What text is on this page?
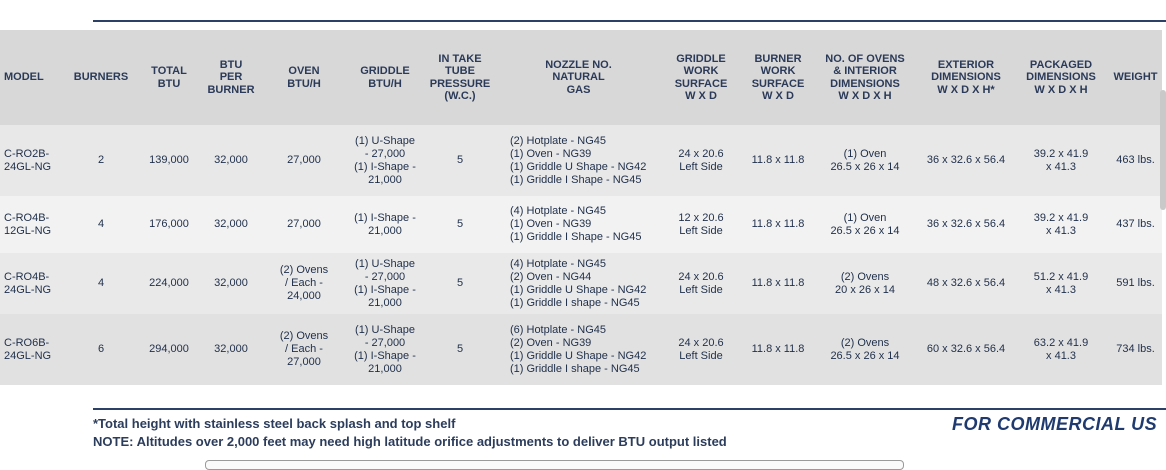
MODEL	BURNERS	TOTAL
BTU	BTU
PER
BURNER	OVEN
BTU/H	GRIDDLE
BTU/H	IN TAKE
TUBE
PRESSURE
(W.C.)	NOZZLE NO.
NATURAL
GAS	GRIDDLE
WORK
SURFACE
W X D	BURNER
WORK
SURFACE
W X D	NO. OF OVENS
& INTERIOR
DIMENSIONS
W X D X H	EXTERIOR
DIMENSIONS
W X D X H*	PACKAGED
DIMENSIONS
W X D X H	WEIGHT
C-RO2B-
24GL-NG	2	139,000	32,000	27,000	(1) U-Shape
- 27,000
(1) I-Shape -
21,000	5	(2) Hotplate - NG45
(1) Oven - NG39
(1) Griddle U Shape - NG42
(1) Griddle I Shape - NG45	24 x 20.6
Left Side	11.8 x 11.8	(1) Oven
26.5 x 26 x 14	36 x 32.6 x 56.4	39.2 x 41.9
x 41.3	463 lbs.
C-RO4B-
12GL-NG	4	176,000	32,000	27,000	(1) I-Shape -
21,000	5	(4) Hotplate - NG45
(1) Oven - NG39
(1) Griddle I Shape - NG45	12 x 20.6
Left Side	11.8 x 11.8	(1) Oven
26.5 x 26 x 14	36 x 32.6 x 56.4	39.2 x 41.9
x 41.3	437 lbs.
C-RO4B-
24GL-NG	4	224,000	32,000	(2) Ovens
/ Each -
24,000	(1) U-Shape
- 27,000
(1) I-Shape -
21,000	5	(4) Hotplate - NG45
(2) Oven - NG44
(1) Griddle U Shape - NG42
(1) Griddle I shape - NG45	24 x 20.6
Left Side	11.8 x 11.8	(2) Ovens
20 x 26 x 14	48 x 32.6 x 56.4	51.2 x 41.9
x 41.3	591 lbs.
C-RO6B-
24GL-NG	6	294,000	32,000	(2) Ovens
/ Each -
27,000	(1) U-Shape
- 27,000
(1) I-Shape -
21,000	5	(6) Hotplate - NG45
(2) Oven - NG39
(1) Griddle U Shape - NG42
(1) Griddle I shape - NG45	24 x 20.6
Left Side	11.8 x 11.8	(2) Ovens
26.5 x 26 x 14	60 x 32.6 x 56.4	63.2 x 41.9
x 41.3	734 lbs.
*Total height with stainless steel back splash and top shelf
NOTE: Altitudes over 2,000 feet may need high latitude orifice adjustments to deliver BTU output listed
FOR COMMERCIAL US
